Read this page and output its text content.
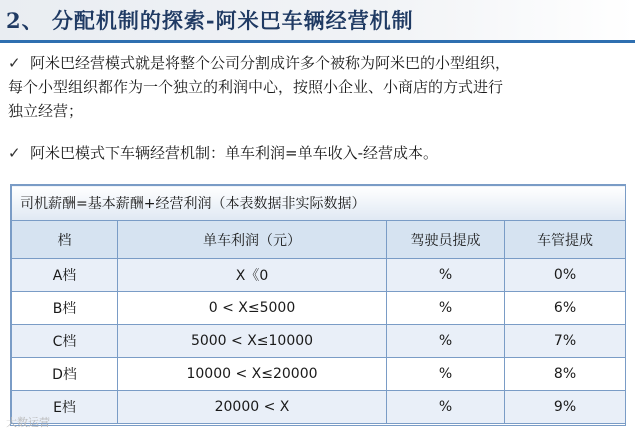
2、 分配机制的探索-阿米巴车辆经营机制
✓ 阿米巴经营模式就是将整个公司分割成许多个被称为阿米巴的小型组织，
每个小型组织都作为一个独立的利润中心，按照小企业、小商店的方式进行
独立经营；
✓ 阿米巴模式下车辆经营机制：单车利润=单车收入-经营成本。
司机薪酬=基本薪酬+经营利润（本表数据非实际数据）			
档	单车利润（元）	驾驶员提成	车管提成
A档	X《0	%	0%
B档	0 < X≤5000	%	6%
C档	5000 < X≤10000	%	7%
D档	10000 < X≤20000	%	8%
E档	20000 < X	%	9%
大数运营
